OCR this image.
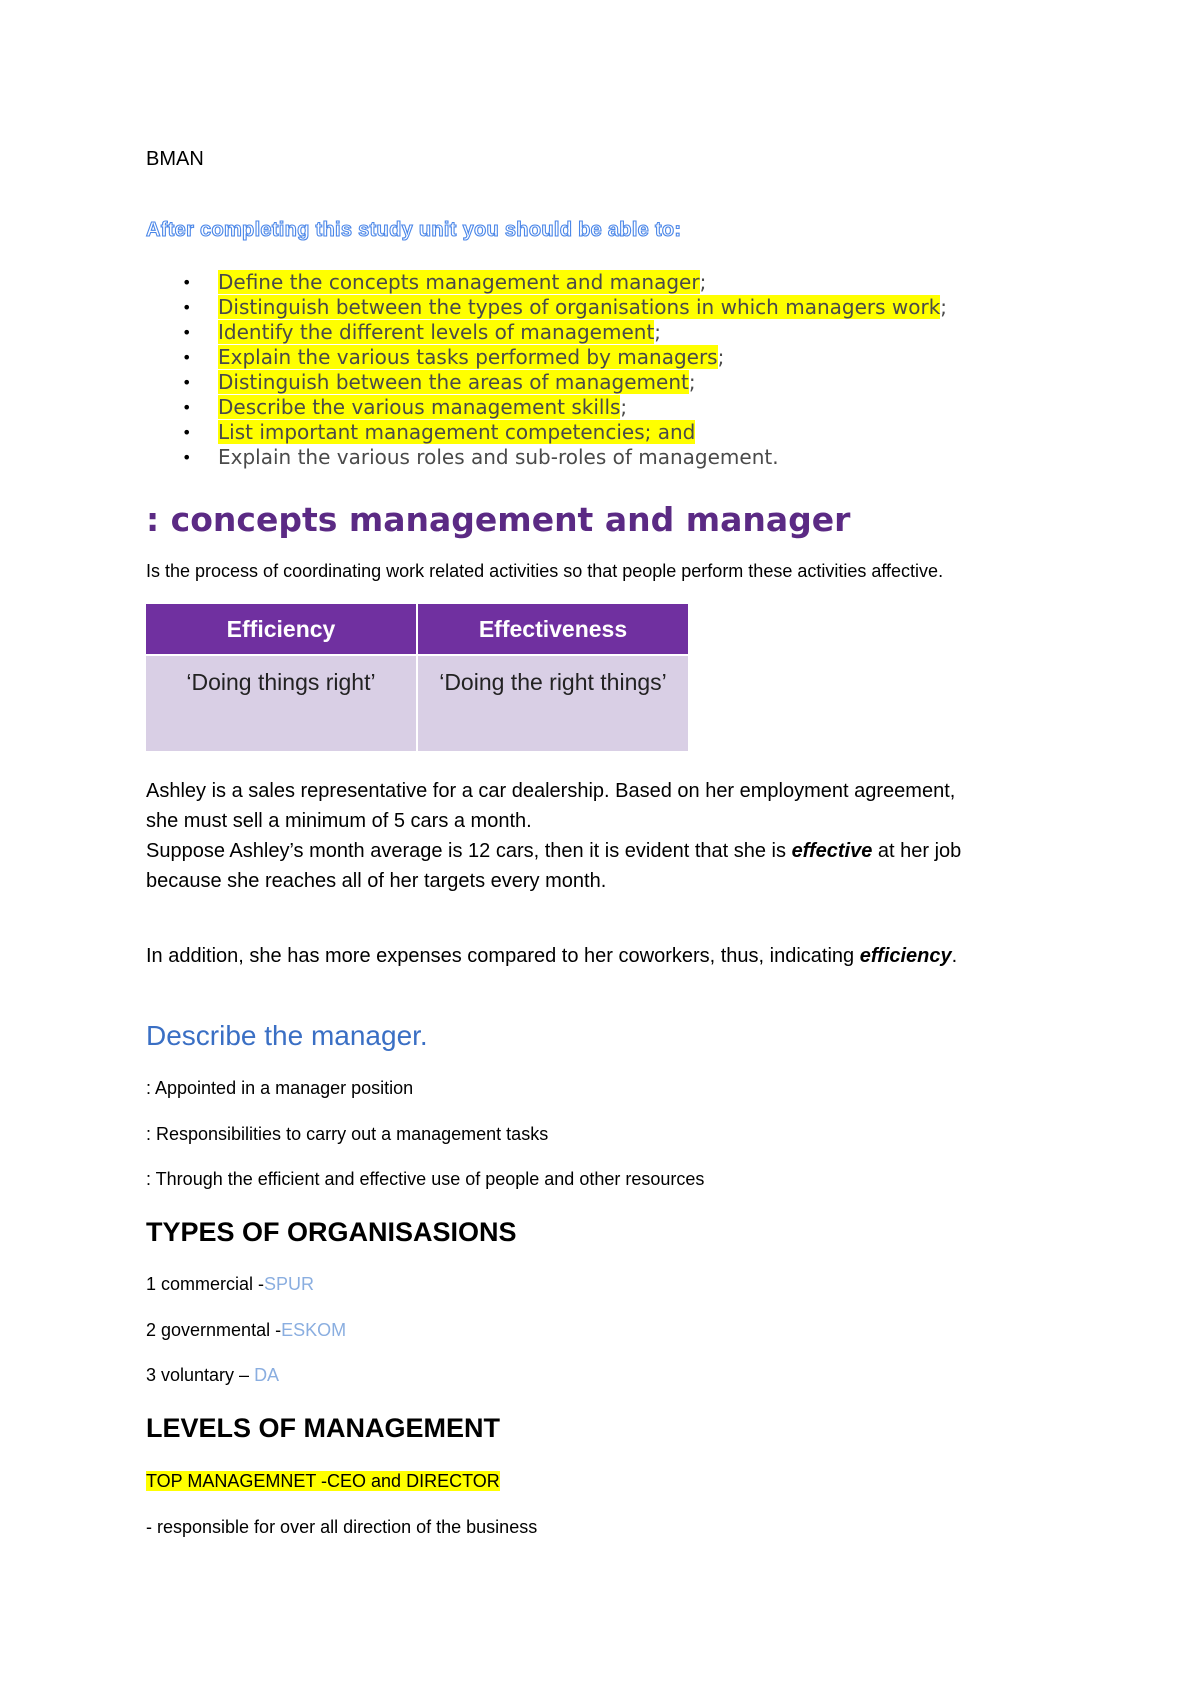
BMAN
After completing this study unit you should be able to:
• Define the concepts management and manager;
• Distinguish between the types of organisations in which managers work;
• Identify the different levels of management;
• Explain the various tasks performed by managers;
• Distinguish between the areas of management;
• Describe the various management skills;
• List important management competencies; and
• Explain the various roles and sub-roles of management.
: concepts management and manager
Is the process of coordinating work related activities so that people perform these activities affective.
Efficiency	Effectiveness
‘Doing things right’	‘Doing the right things’
Ashley is a sales representative for a car dealership. Based on her employment agreement,
she must sell a minimum of 5 cars a month.
Suppose Ashley’s month average is 12 cars, then it is evident that she is effective at her job
because she reaches all of her targets every month.
In addition, she has more expenses compared to her coworkers, thus, indicating efficiency.
Describe the manager.
: Appointed in a manager position
: Responsibilities to carry out a management tasks
: Through the efficient and effective use of people and other resources
TYPES OF ORGANISASIONS
1 commercial -SPUR
2 governmental -ESKOM
3 voluntary – DA
LEVELS OF MANAGEMENT
TOP MANAGEMNET -CEO and DIRECTOR
- responsible for over all direction of the business
